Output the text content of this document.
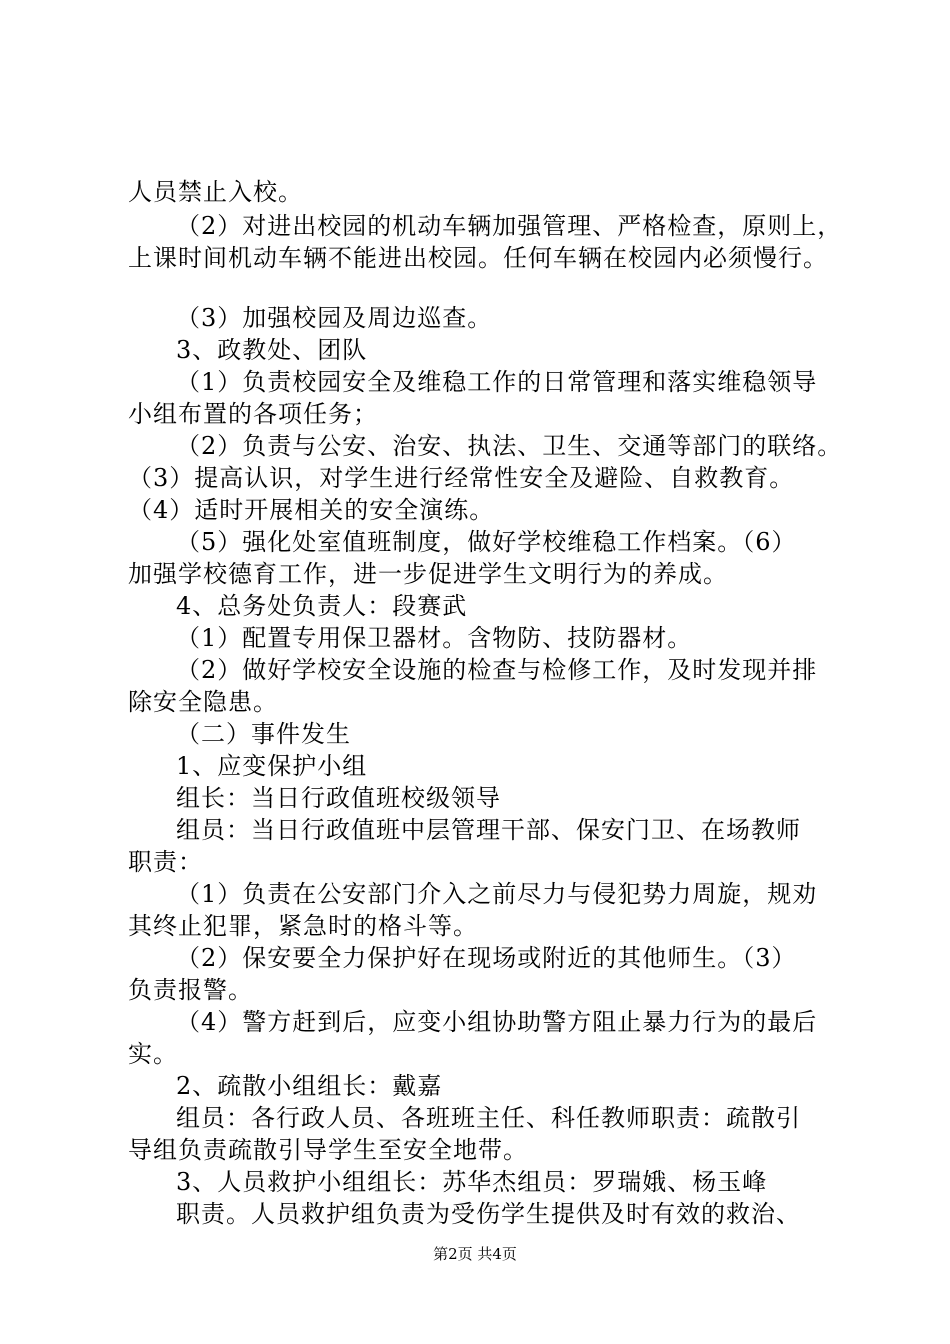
人员禁止入校。
（2）对进出校园的机动车辆加强管理、严格检查，原则上，
上课时间机动车辆不能进出校园。任何车辆在校园内必须慢行。
（3）加强校园及周边巡查。
3、政教处、团队
（1）负责校园安全及维稳工作的日常管理和落实维稳领导
小组布置的各项任务；
（2）负责与公安、治安、执法、卫生、交通等部门的联络。
（3）提高认识，对学生进行经常性安全及避险、自救教育。
（4）适时开展相关的安全演练。
（5）强化处室值班制度，做好学校维稳工作档案。（6）
加强学校德育工作，进一步促进学生文明行为的养成。
4、总务处负责人：段赛武
（1）配置专用保卫器材。含物防、技防器材。
（2）做好学校安全设施的检查与检修工作，及时发现并排
除安全隐患。
（二）事件发生
1、应变保护小组
组长：当日行政值班校级领导
组员：当日行政值班中层管理干部、保安门卫、在场教师
职责：
（1）负责在公安部门介入之前尽力与侵犯势力周旋，规劝
其终止犯罪，紧急时的格斗等。
（2）保安要全力保护好在现场或附近的其他师生。（3）
负责报警。
（4）警方赶到后，应变小组协助警方阻止暴力行为的最后
实。
2、疏散小组组长：戴嘉
组员：各行政人员、各班班主任、科任教师职责：疏散引
导组负责疏散引导学生至安全地带。
3、人员救护小组组长：苏华杰组员：罗瑞娥、杨玉峰
职责。人员救护组负责为受伤学生提供及时有效的救治、
第2页 共4页
